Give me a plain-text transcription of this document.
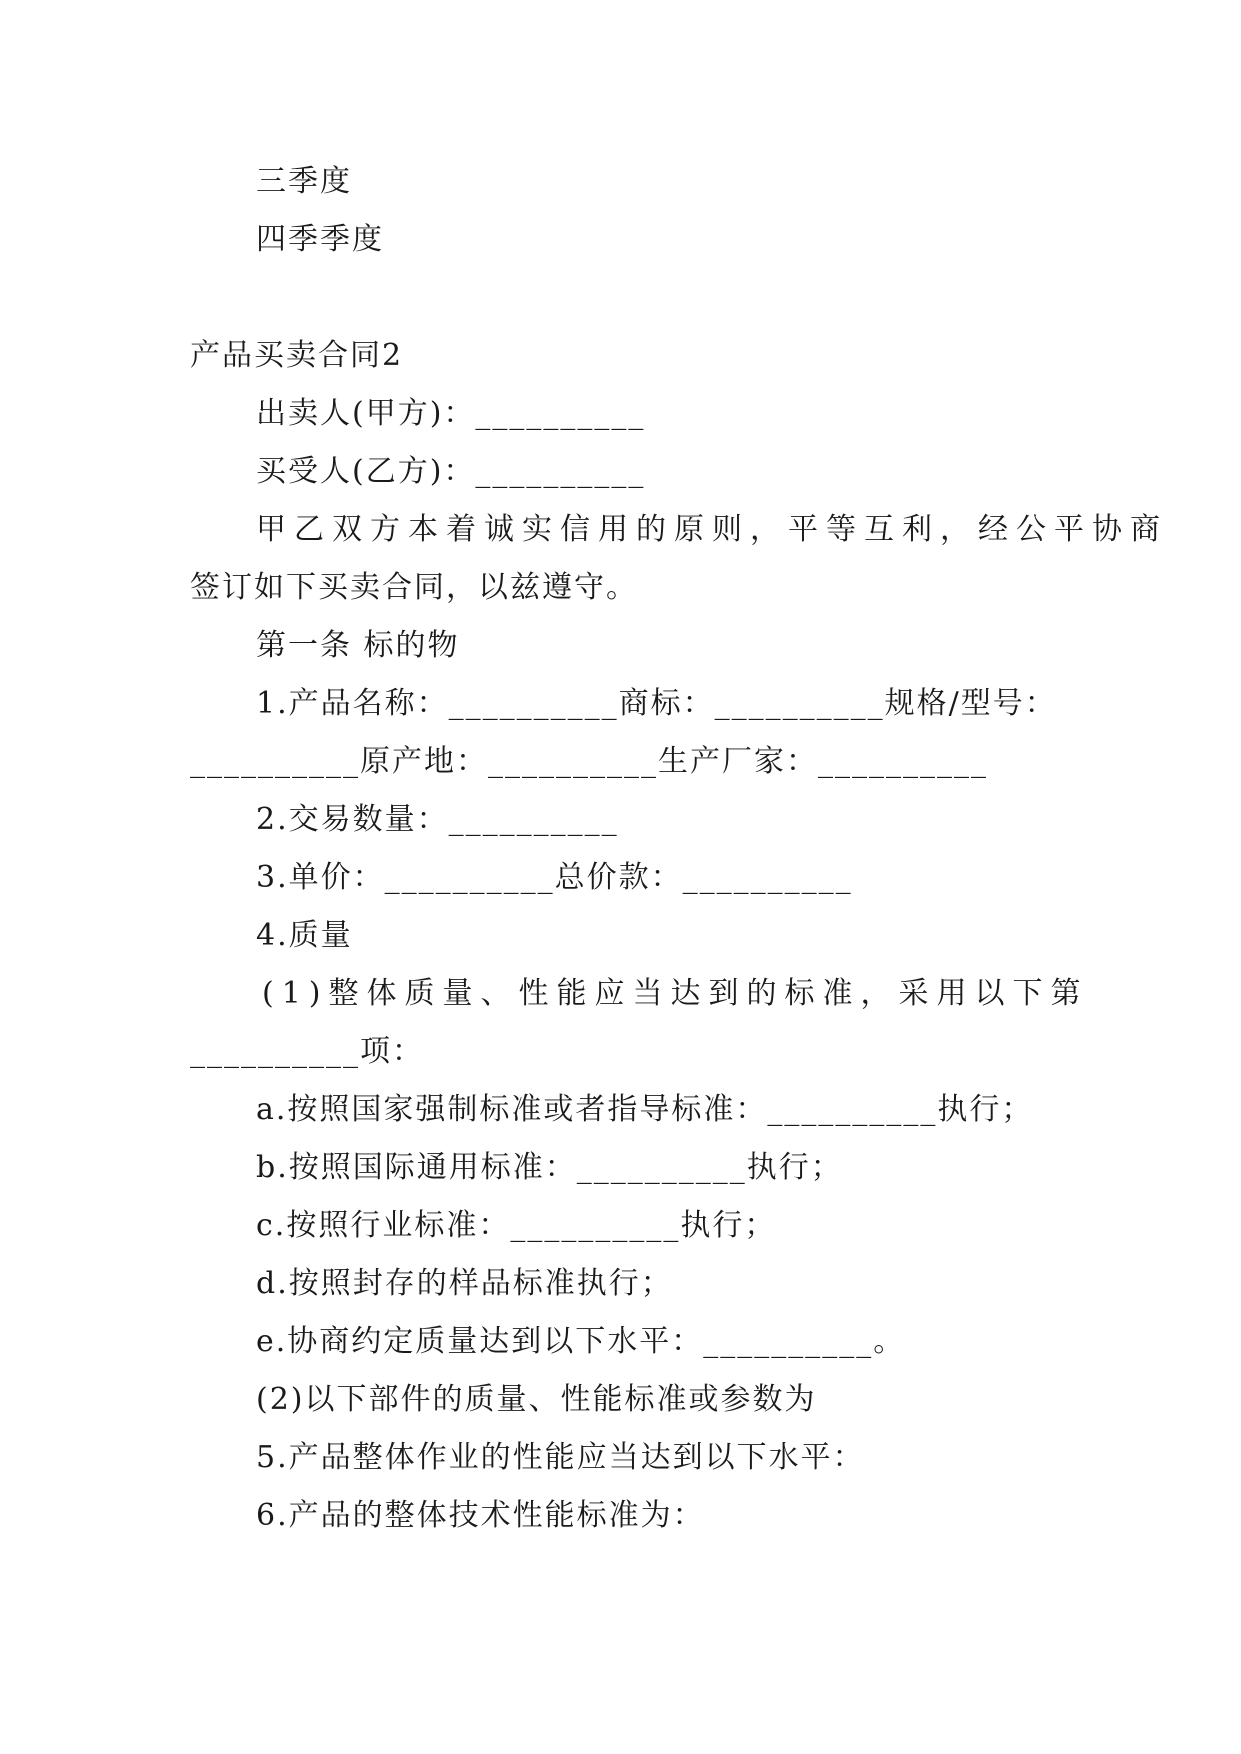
三季度
四季季度
产品买卖合同2
出卖人(甲方)：__________
买受人(乙方)：__________
甲乙双方本着诚实信用的原则，平等互利，经公平协商
签订如下买卖合同，以兹遵守。
第一条 标的物
1.产品名称：__________商标：__________规格/型号：
__________原产地：__________生产厂家：__________
2.交易数量：__________
3.单价：__________总价款：__________
4.质量
(1)整体质量、性能应当达到的标准，采用以下第
__________项：
a.按照国家强制标准或者指导标准：__________执行；
b.按照国际通用标准：__________执行；
c.按照行业标准：__________执行；
d.按照封存的样品标准执行；
e.协商约定质量达到以下水平：__________。
(2)以下部件的质量、性能标准或参数为
5.产品整体作业的性能应当达到以下水平：
6.产品的整体技术性能标准为：
